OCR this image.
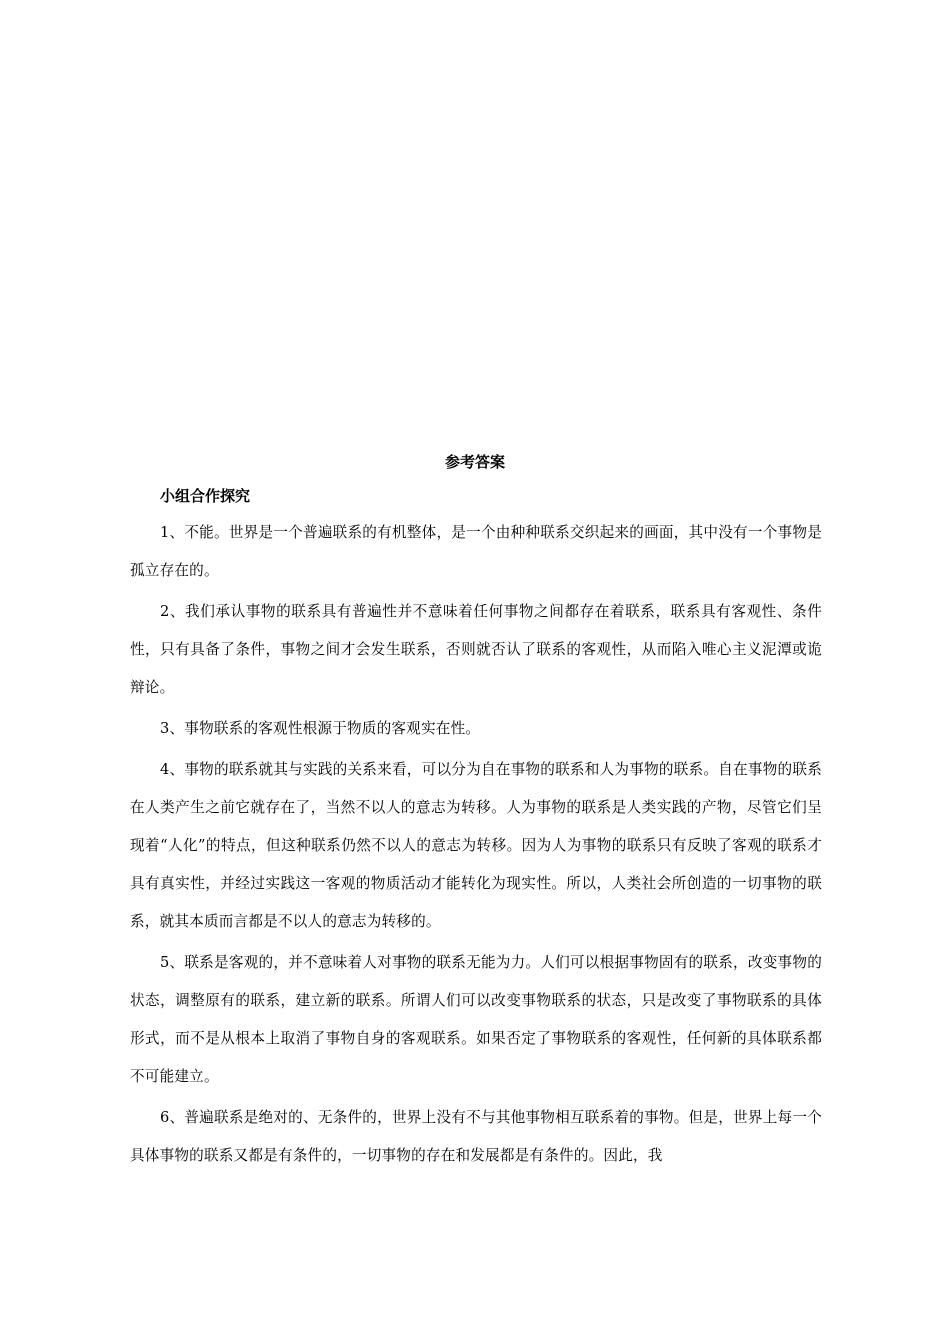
参考答案
小组合作探究

1、不能。世界是一个普遍联系的有机整体，是一个由种种联系交织起来的画面，其中没有一个事物是孤立存在的。

2、我们承认事物的联系具有普遍性并不意味着任何事物之间都存在着联系，联系具有客观性、条件性，只有具备了条件，事物之间才会发生联系，否则就否认了联系的客观性，从而陷入唯心主义泥潭或诡辩论。

3、事物联系的客观性根源于物质的客观实在性。

4、事物的联系就其与实践的关系来看，可以分为自在事物的联系和人为事物的联系。自在事物的联系在人类产生之前它就存在了，当然不以人的意志为转移。人为事物的联系是人类实践的产物，尽管它们呈现着“人化”的特点，但这种联系仍然不以人的意志为转移。因为人为事物的联系只有反映了客观的联系才具有真实性，并经过实践这一客观的物质活动才能转化为现实性。所以，人类社会所创造的一切事物的联系，就其本质而言都是不以人的意志为转移的。

5、联系是客观的，并不意味着人对事物的联系无能为力。人们可以根据事物固有的联系，改变事物的状态，调整原有的联系，建立新的联系。所谓人们可以改变事物联系的状态，只是改变了事物联系的具体形式，而不是从根本上取消了事物自身的客观联系。如果否定了事物联系的客观性，任何新的具体联系都不可能建立。

6、普遍联系是绝对的、无条件的，世界上没有不与其他事物相互联系着的事物。但是，世界上每一个具体事物的联系又都是有条件的，一切事物的存在和发展都是有条件的。因此，我
